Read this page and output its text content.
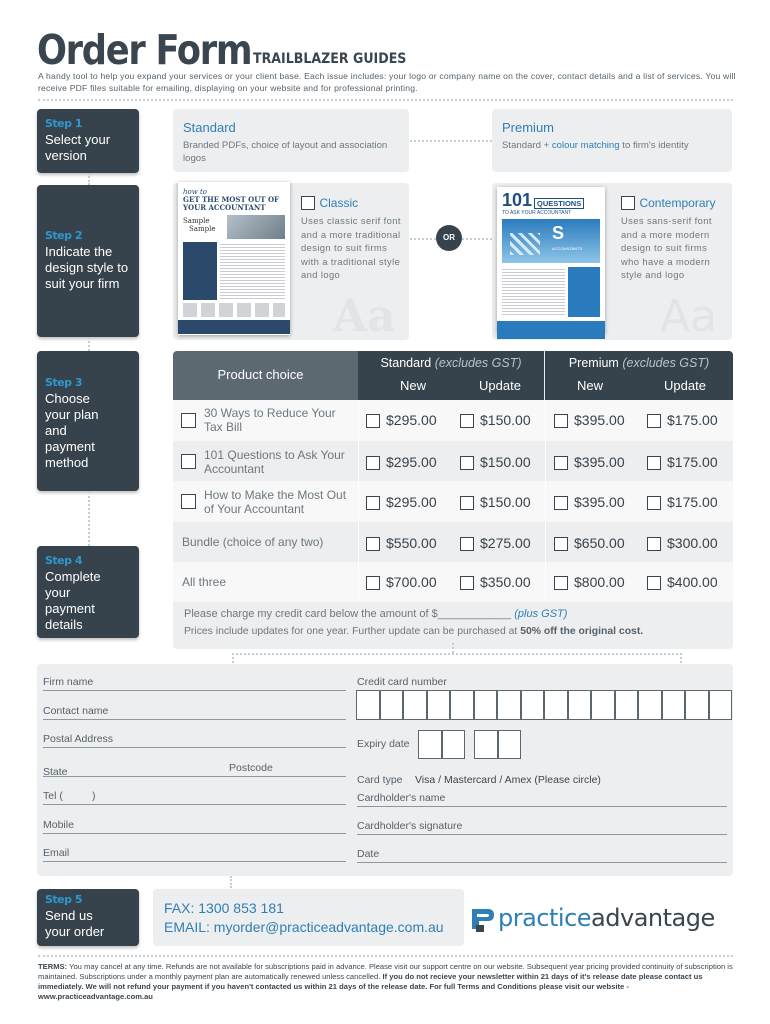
Order Form TRAILBLAZER GUIDES
A handy tool to help you expand your services or your client base. Each issue includes: your logo or company name on the cover, contact details and a list of services. You will receive PDF files suitable for emailing, displaying on your website and for professional printing.
Step 1
Select your version
Standard
Branded PDFs, choice of layout and association logos
Premium
Standard + colour matching to firm's identity
Step 2
Indicate the design style to suit your firm
Aa
how to
GET THE MOST OUT OF
YOUR ACCOUNTANT
Sample
Sample
Classic
Uses classic serif font and a more traditional design to suit firms with a traditional style and logo
OR
Aa
101 QUESTIONS
TO ASK YOUR ACCOUNTANT
S
ACCOUNTANTS
Contemporary
Uses sans-serif font and a more modern design to suit firms who have a modern style and logo
Step 3
Choose your plan and payment method
Product choice
Standard (excludes GST)
New	Update
Premium (excludes GST)
New	Update
30 Ways to Reduce Your Tax Bill	$295.00	$150.00	$395.00	$175.00
101 Questions to Ask Your Accountant	$295.00	$150.00	$395.00	$175.00
How to Make the Most Out of Your Accountant	$295.00	$150.00	$395.00	$175.00
Bundle (choice of any two)	$550.00	$275.00	$650.00	$300.00
All three	$700.00	$350.00	$800.00	$400.00
Please charge my credit card below the amount of $____________ (plus GST)
Prices include updates for one year. Further update can be purchased at 50% off the original cost.
Step 4
Complete your payment details
Firm name
Contact name
Postal Address
State	Postcode
Tel (          )
Mobile
Email
Credit card number
Expiry date
Card type Visa / Mastercard / Amex (Please circle)
Cardholder's name
Cardholder's signature
Date
Step 5
Send us your order
FAX: 1300 853 181
EMAIL: myorder@practiceadvantage.com.au practiceadvantage
TERMS: You may cancel at any time. Refunds are not available for subscriptions paid in advance. Please visit our support centre on our website. Subsequent year pricing provided continuity of subscription is maintained. Subscriptions under a monthly payment plan are automatically renewed unless cancelled. If you do not recieve your newsletter within 21 days of it's release date please contact us immediately. We will not refund your payment if you haven't contacted us within 21 days of the release date. For full Terms and Conditions please visit our website - www.practiceadvantage.com.au
